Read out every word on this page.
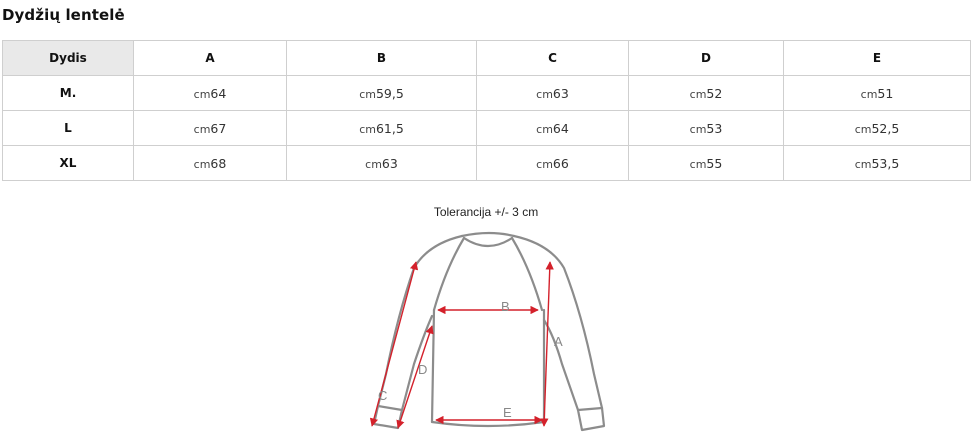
Dydžių lentelė
Dydis	A	B	C	D	E
M.	cm64	cm59,5	cm63	cm52	cm51
L	cm67	cm61,5	cm64	cm53	cm52,5
XL	cm68	cm63	cm66	cm55	cm53,5
Tolerancija +/- 3 cm
B
E
A
D
C
